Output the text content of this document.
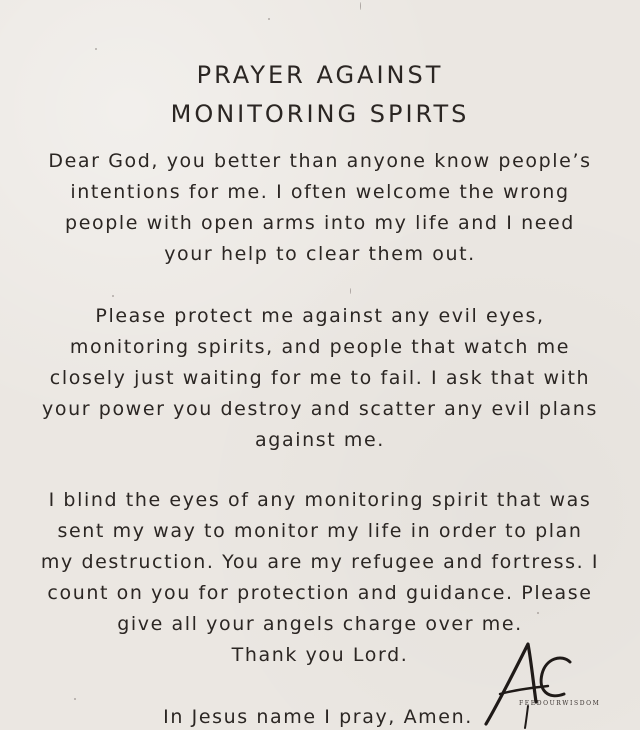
PRAYER AGAINST
MONITORING SPIRTS
Dear God, you better than anyone know people’s
intentions for me. I often welcome the wrong
people with open arms into my life and I need
your help to clear them out.
Please protect me against any evil eyes,
monitoring spirits, and people that watch me
closely just waiting for me to fail. I ask that with
your power you destroy and scatter any evil plans
against me.
I blind the eyes of any monitoring spirit that was
sent my way to monitor my life in order to plan
my destruction. You are my refugee and fortress. I
count on you for protection and guidance. Please
give all your angels charge over me.
Thank you Lord.
In Jesus name I pray, Amen.
FEEDOURWISDOM
